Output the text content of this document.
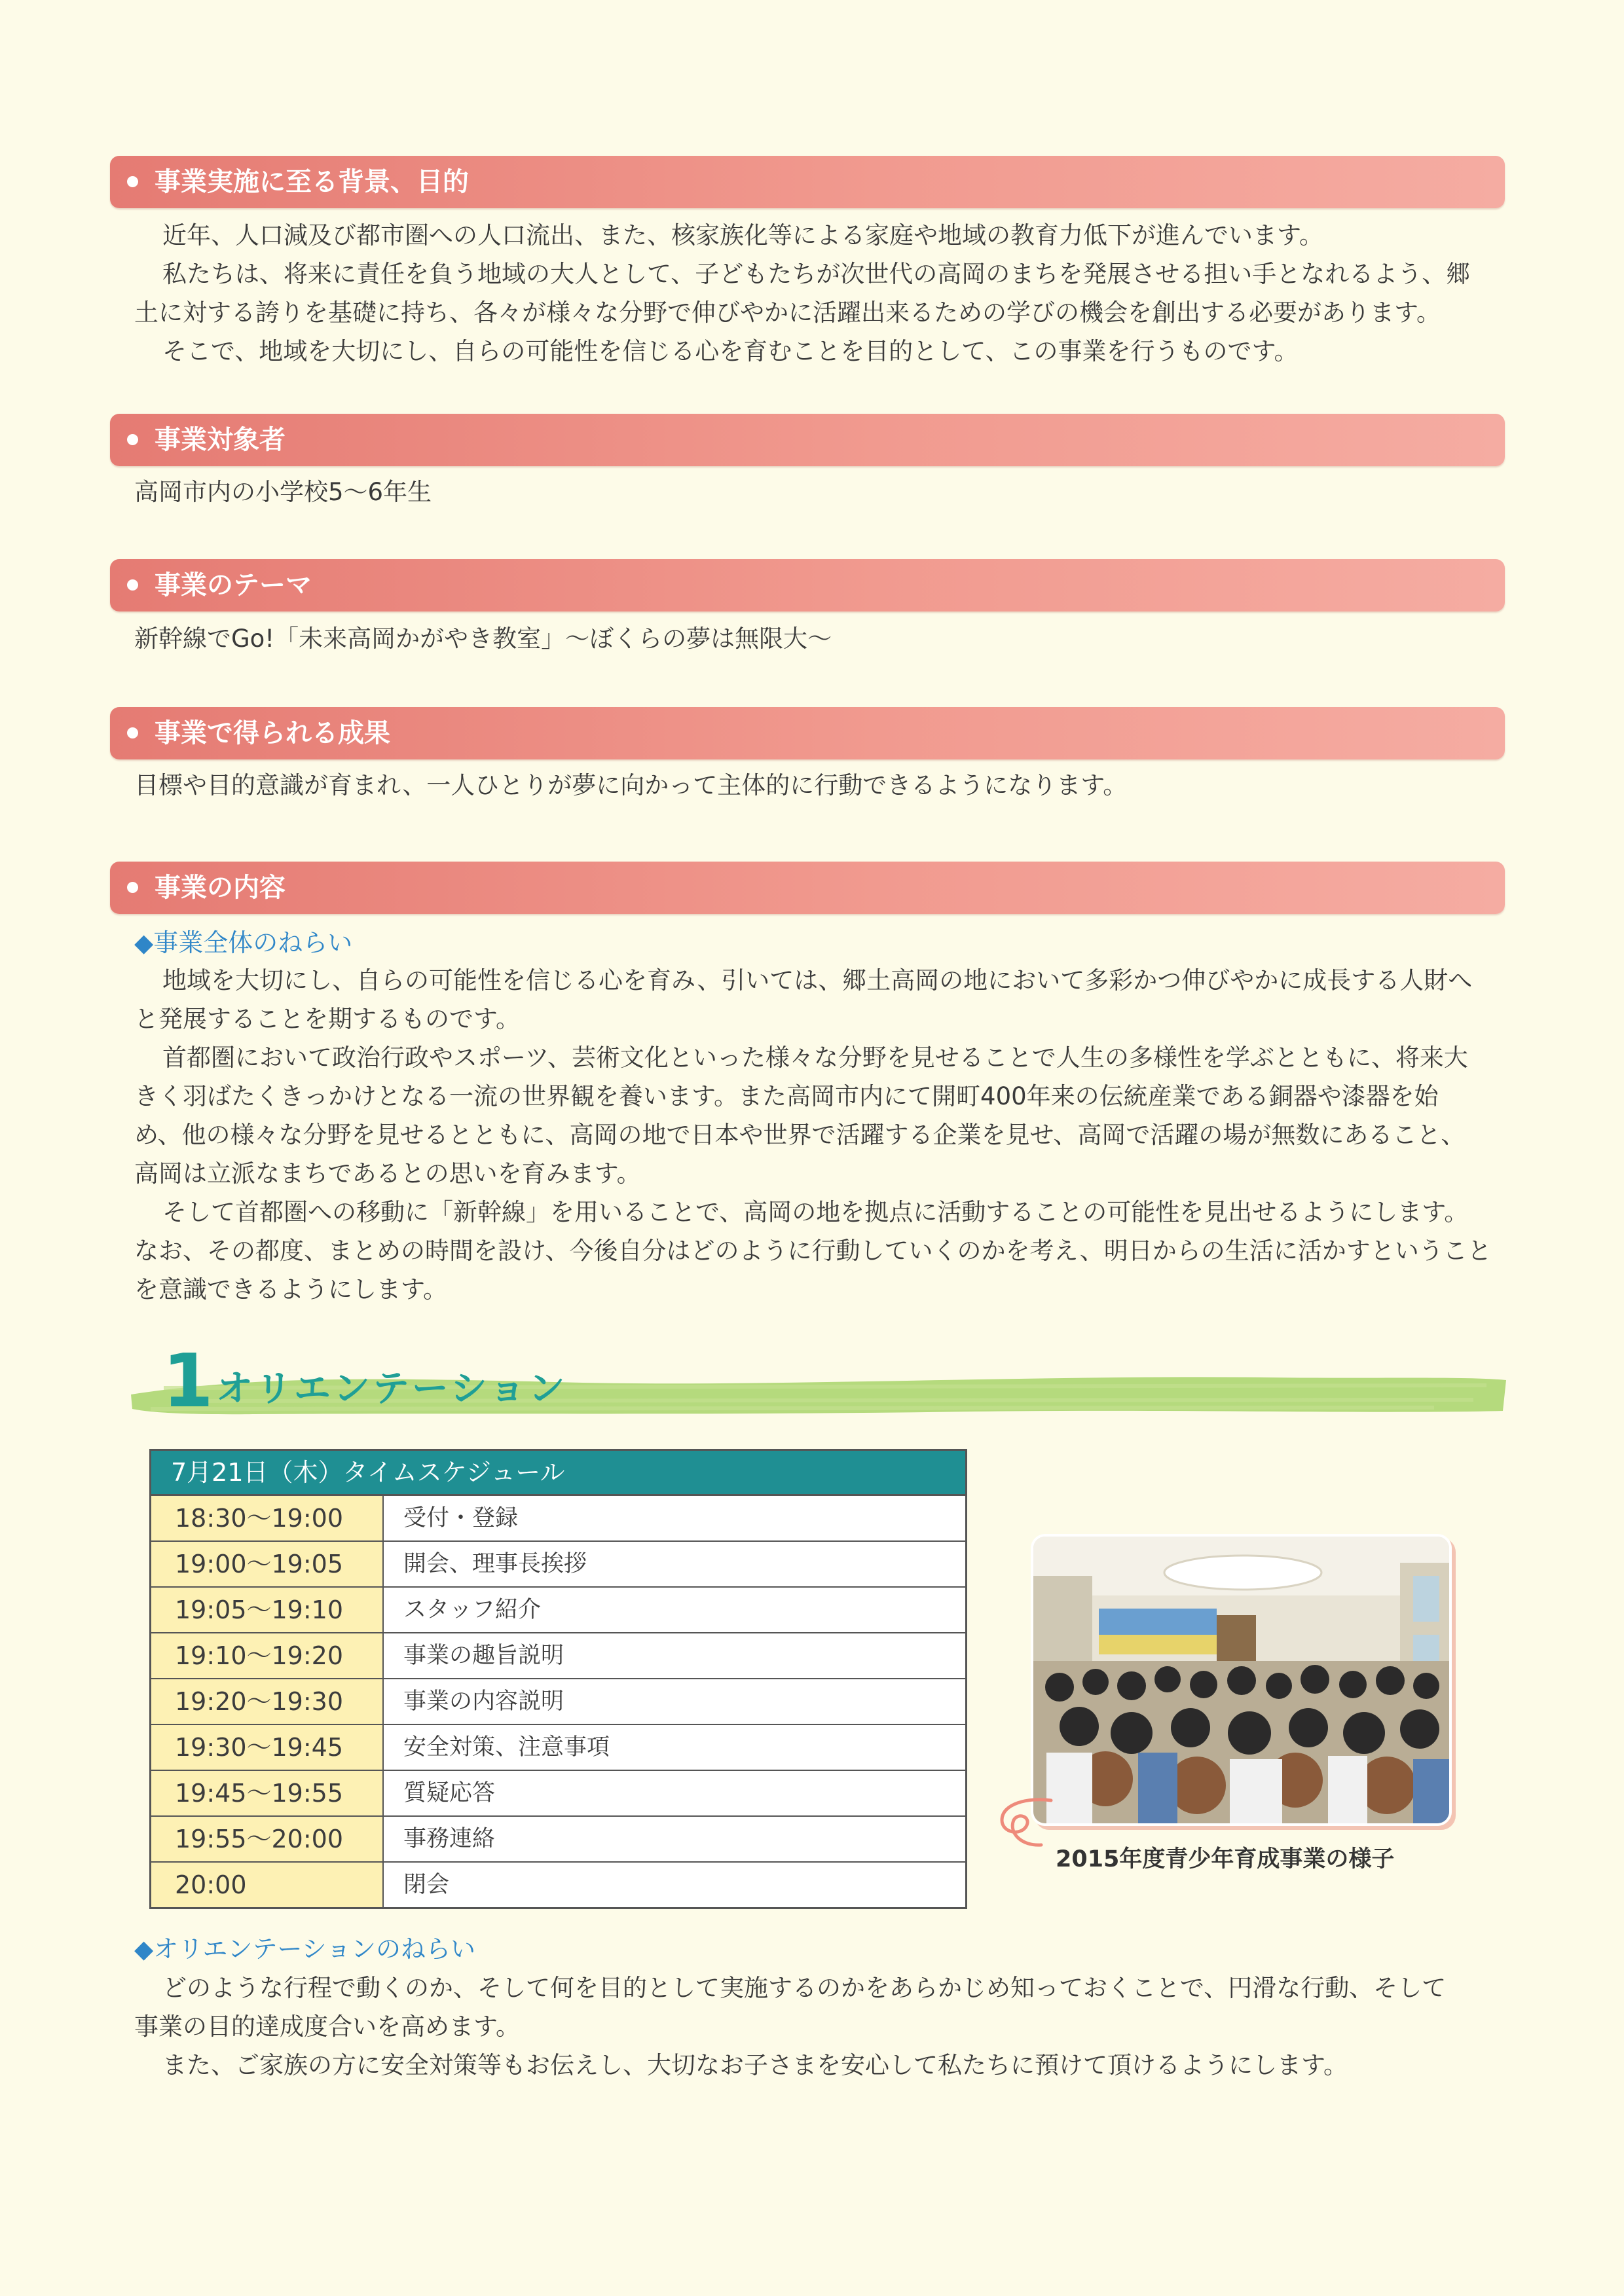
事業実施に至る背景、目的
近年、人口減及び都市圏への人口流出、また、核家族化等による家庭や地域の教育力低下が進んでいます。
私たちは、将来に責任を負う地域の大人として、子どもたちが次世代の高岡のまちを発展させる担い手となれるよう、郷
土に対する誇りを基礎に持ち、各々が様々な分野で伸びやかに活躍出来るための学びの機会を創出する必要があります。
そこで、地域を大切にし、自らの可能性を信じる心を育むことを目的として、この事業を行うものです。
事業対象者
高岡市内の小学校5～6年生
事業のテーマ
新幹線でGo!「未来高岡かがやき教室」～ぼくらの夢は無限大～
事業で得られる成果
目標や目的意識が育まれ、一人ひとりが夢に向かって主体的に行動できるようになります。
事業の内容
◆事業全体のねらい
地域を大切にし、自らの可能性を信じる心を育み、引いては、郷土高岡の地において多彩かつ伸びやかに成長する人財へ
と発展することを期するものです。
首都圏において政治行政やスポーツ、芸術文化といった様々な分野を見せることで人生の多様性を学ぶとともに、将来大
きく羽ばたくきっかけとなる一流の世界観を養います。また高岡市内にて開町400年来の伝統産業である銅器や漆器を始
め、他の様々な分野を見せるとともに、高岡の地で日本や世界で活躍する企業を見せ、高岡で活躍の場が無数にあること、
高岡は立派なまちであるとの思いを育みます。
そして首都圏への移動に「新幹線」を用いることで、高岡の地を拠点に活動することの可能性を見出せるようにします。
なお、その都度、まとめの時間を設け、今後自分はどのように行動していくのかを考え、明日からの生活に活かすということ
を意識できるようにします。
1 オリエンテーション
7月21日（木）タイムスケジュール
18:30～19:00	受付・登録
19:00～19:05	開会、理事長挨拶
19:05～19:10	スタッフ紹介
19:10～19:20	事業の趣旨説明
19:20～19:30	事業の内容説明
19:30～19:45	安全対策、注意事項
19:45～19:55	質疑応答
19:55～20:00	事務連絡
20:00	閉会
2015年度青少年育成事業の様子
◆オリエンテーションのねらい
どのような行程で動くのか、そして何を目的として実施するのかをあらかじめ知っておくことで、円滑な行動、そして
事業の目的達成度合いを高めます。
また、ご家族の方に安全対策等もお伝えし、大切なお子さまを安心して私たちに預けて頂けるようにします。
